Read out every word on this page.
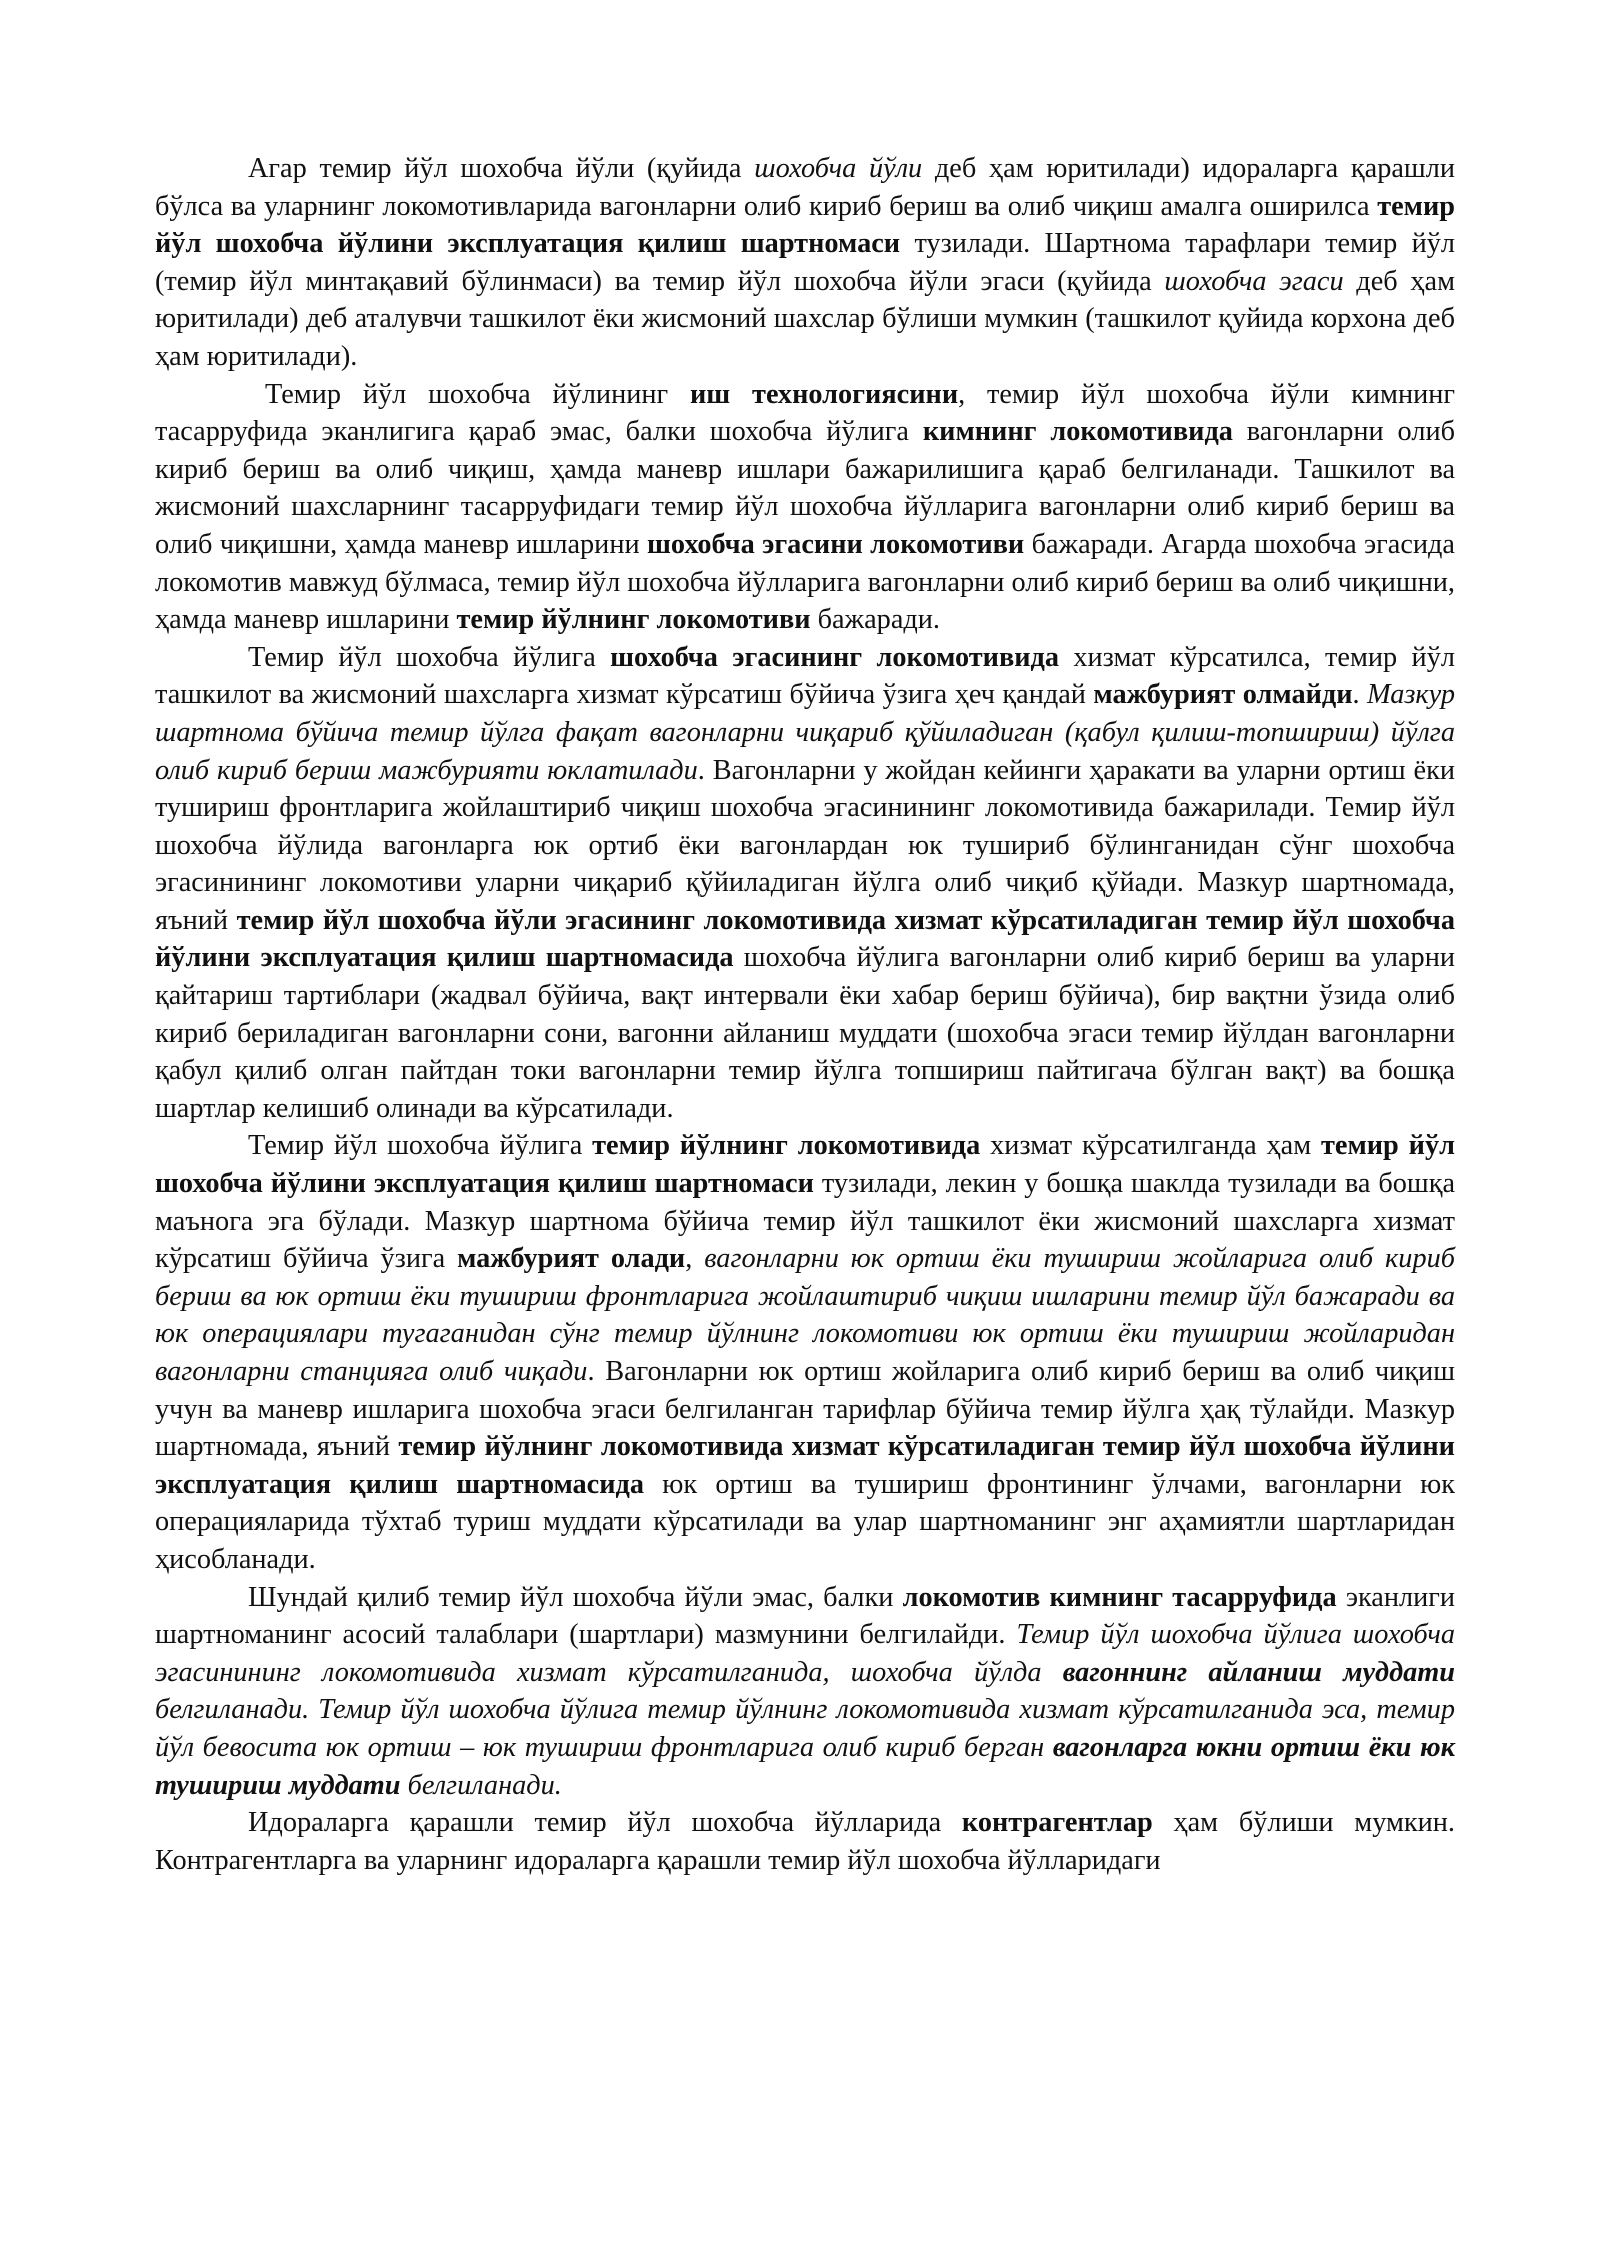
Агар темир йўл шохобча йўли (қуйида шохобча йўли деб ҳам юритилади) идораларга қарашли бўлса ва уларнинг локомотивларида вагонларни олиб кириб бериш ва олиб чиқиш амалга оширилса темир йўл шохобча йўлини эксплуатация қилиш шартномаси тузилади. Шартнома тарафлари темир йўл (темир йўл минтақавий бўлинмаси) ва темир йўл шохобча йўли эгаси (қуйида шохобча эгаси деб ҳам юритилади) деб аталувчи ташкилот ёки жисмоний шахслар бўлиши мумкин (ташкилот қуйида корхона деб ҳам юритилади).

Темир йўл шохобча йўлининг иш технологиясини, темир йўл шохобча йўли кимнинг тасарруфида эканлигига қараб эмас, балки шохобча йўлига кимнинг локомотивида вагонларни олиб кириб бериш ва олиб чиқиш, ҳамда маневр ишлари бажарилишига қараб белгиланади. Ташкилот ва жисмоний шахсларнинг тасарруфидаги темир йўл шохобча йўлларига вагонларни олиб кириб бериш ва олиб чиқишни, ҳамда маневр ишларини шохобча эгасини локомотиви бажаради. Агарда шохобча эгасида локомотив мавжуд бўлмаса, темир йўл шохобча йўлларига вагонларни олиб кириб бериш ва олиб чиқишни, ҳамда маневр ишларини темир йўлнинг локомотиви бажаради.

Темир йўл шохобча йўлига шохобча эгасининг локомотивида хизмат кўрсатилса, темир йўл ташкилот ва жисмоний шахсларга хизмат кўрсатиш бўйича ўзига ҳеч қандай мажбурият олмайди. Мазкур шартнома бўйича темир йўлга фақат вагонларни чиқариб қўйиладиган (қабул қилиш-топшириш) йўлга олиб кириб бериш мажбурияти юклатилади. Вагонларни у жойдан кейинги ҳаракати ва уларни ортиш ёки тушириш фронтларига жойлаштириб чиқиш шохобча эгасинининг локомотивида бажарилади. Темир йўл шохобча йўлида вагонларга юк ортиб ёки вагонлардан юк тушириб бўлинганидан сўнг шохобча эгасинининг локомотиви уларни чиқариб қўйиладиган йўлга олиб чиқиб қўйади. Мазкур шартномада, яъний темир йўл шохобча йўли эгасининг локомотивида хизмат кўрсатиладиган темир йўл шохобча йўлини эксплуатация қилиш шартномасида шохобча йўлига вагонларни олиб кириб бериш ва уларни қайтариш тартиблари (жадвал бўйича, вақт интервали ёки хабар бериш бўйича), бир вақтни ўзида олиб кириб бериладиган вагонларни сони, вагонни айланиш муддати (шохобча эгаси темир йўлдан вагонларни қабул қилиб олган пайтдан токи вагонларни темир йўлга топшириш пайтигача бўлган вақт) ва бошқа шартлар келишиб олинади ва кўрсатилади.

Темир йўл шохобча йўлига темир йўлнинг локомотивида хизмат кўрсатилганда ҳам темир йўл шохобча йўлини эксплуатация қилиш шартномаси тузилади, лекин у бошқа шаклда тузилади ва бошқа маънога эга бўлади. Мазкур шартнома бўйича темир йўл ташкилот ёки жисмоний шахсларга хизмат кўрсатиш бўйича ўзига мажбурият олади, вагонларни юк ортиш ёки тушириш жойларига олиб кириб бериш ва юк ортиш ёки тушириш фронтларига жойлаштириб чиқиш ишларини темир йўл бажаради ва юк операциялари тугаганидан сўнг темир йўлнинг локомотиви юк ортиш ёки тушириш жойларидан вагонларни станцияга олиб чиқади. Вагонларни юк ортиш жойларига олиб кириб бериш ва олиб чиқиш учун ва маневр ишларига шохобча эгаси белгиланган тарифлар бўйича темир йўлга ҳақ тўлайди. Мазкур шартномада, яъний темир йўлнинг локомотивида хизмат кўрсатиладиган темир йўл шохобча йўлини эксплуатация қилиш шартномасида юк ортиш ва тушириш фронтининг ўлчами, вагонларни юк операцияларида тўхтаб туриш муддати кўрсатилади ва улар шартноманинг энг аҳамиятли шартларидан ҳисобланади.

Шундай қилиб темир йўл шохобча йўли эмас, балки локомотив кимнинг тасарруфида эканлиги шартноманинг асосий талаблари (шартлари) мазмунини белгилайди. Темир йўл шохобча йўлига шохобча эгасинининг локомотивида хизмат кўрсатилганида, шохобча йўлда вагоннинг айланиш муддати белгиланади. Темир йўл шохобча йўлига темир йўлнинг локомотивида хизмат кўрсатилганида эса, темир йўл бевосита юк ортиш – юк тушириш фронтларига олиб кириб берган вагонларга юкни ортиш ёки юк тушириш муддати белгиланади.

Идораларга қарашли темир йўл шохобча йўлларида контрагентлар ҳам бўлиши мумкин. Контрагентларга ва уларнинг идораларга қарашли темир йўл шохобча йўлларидаги
